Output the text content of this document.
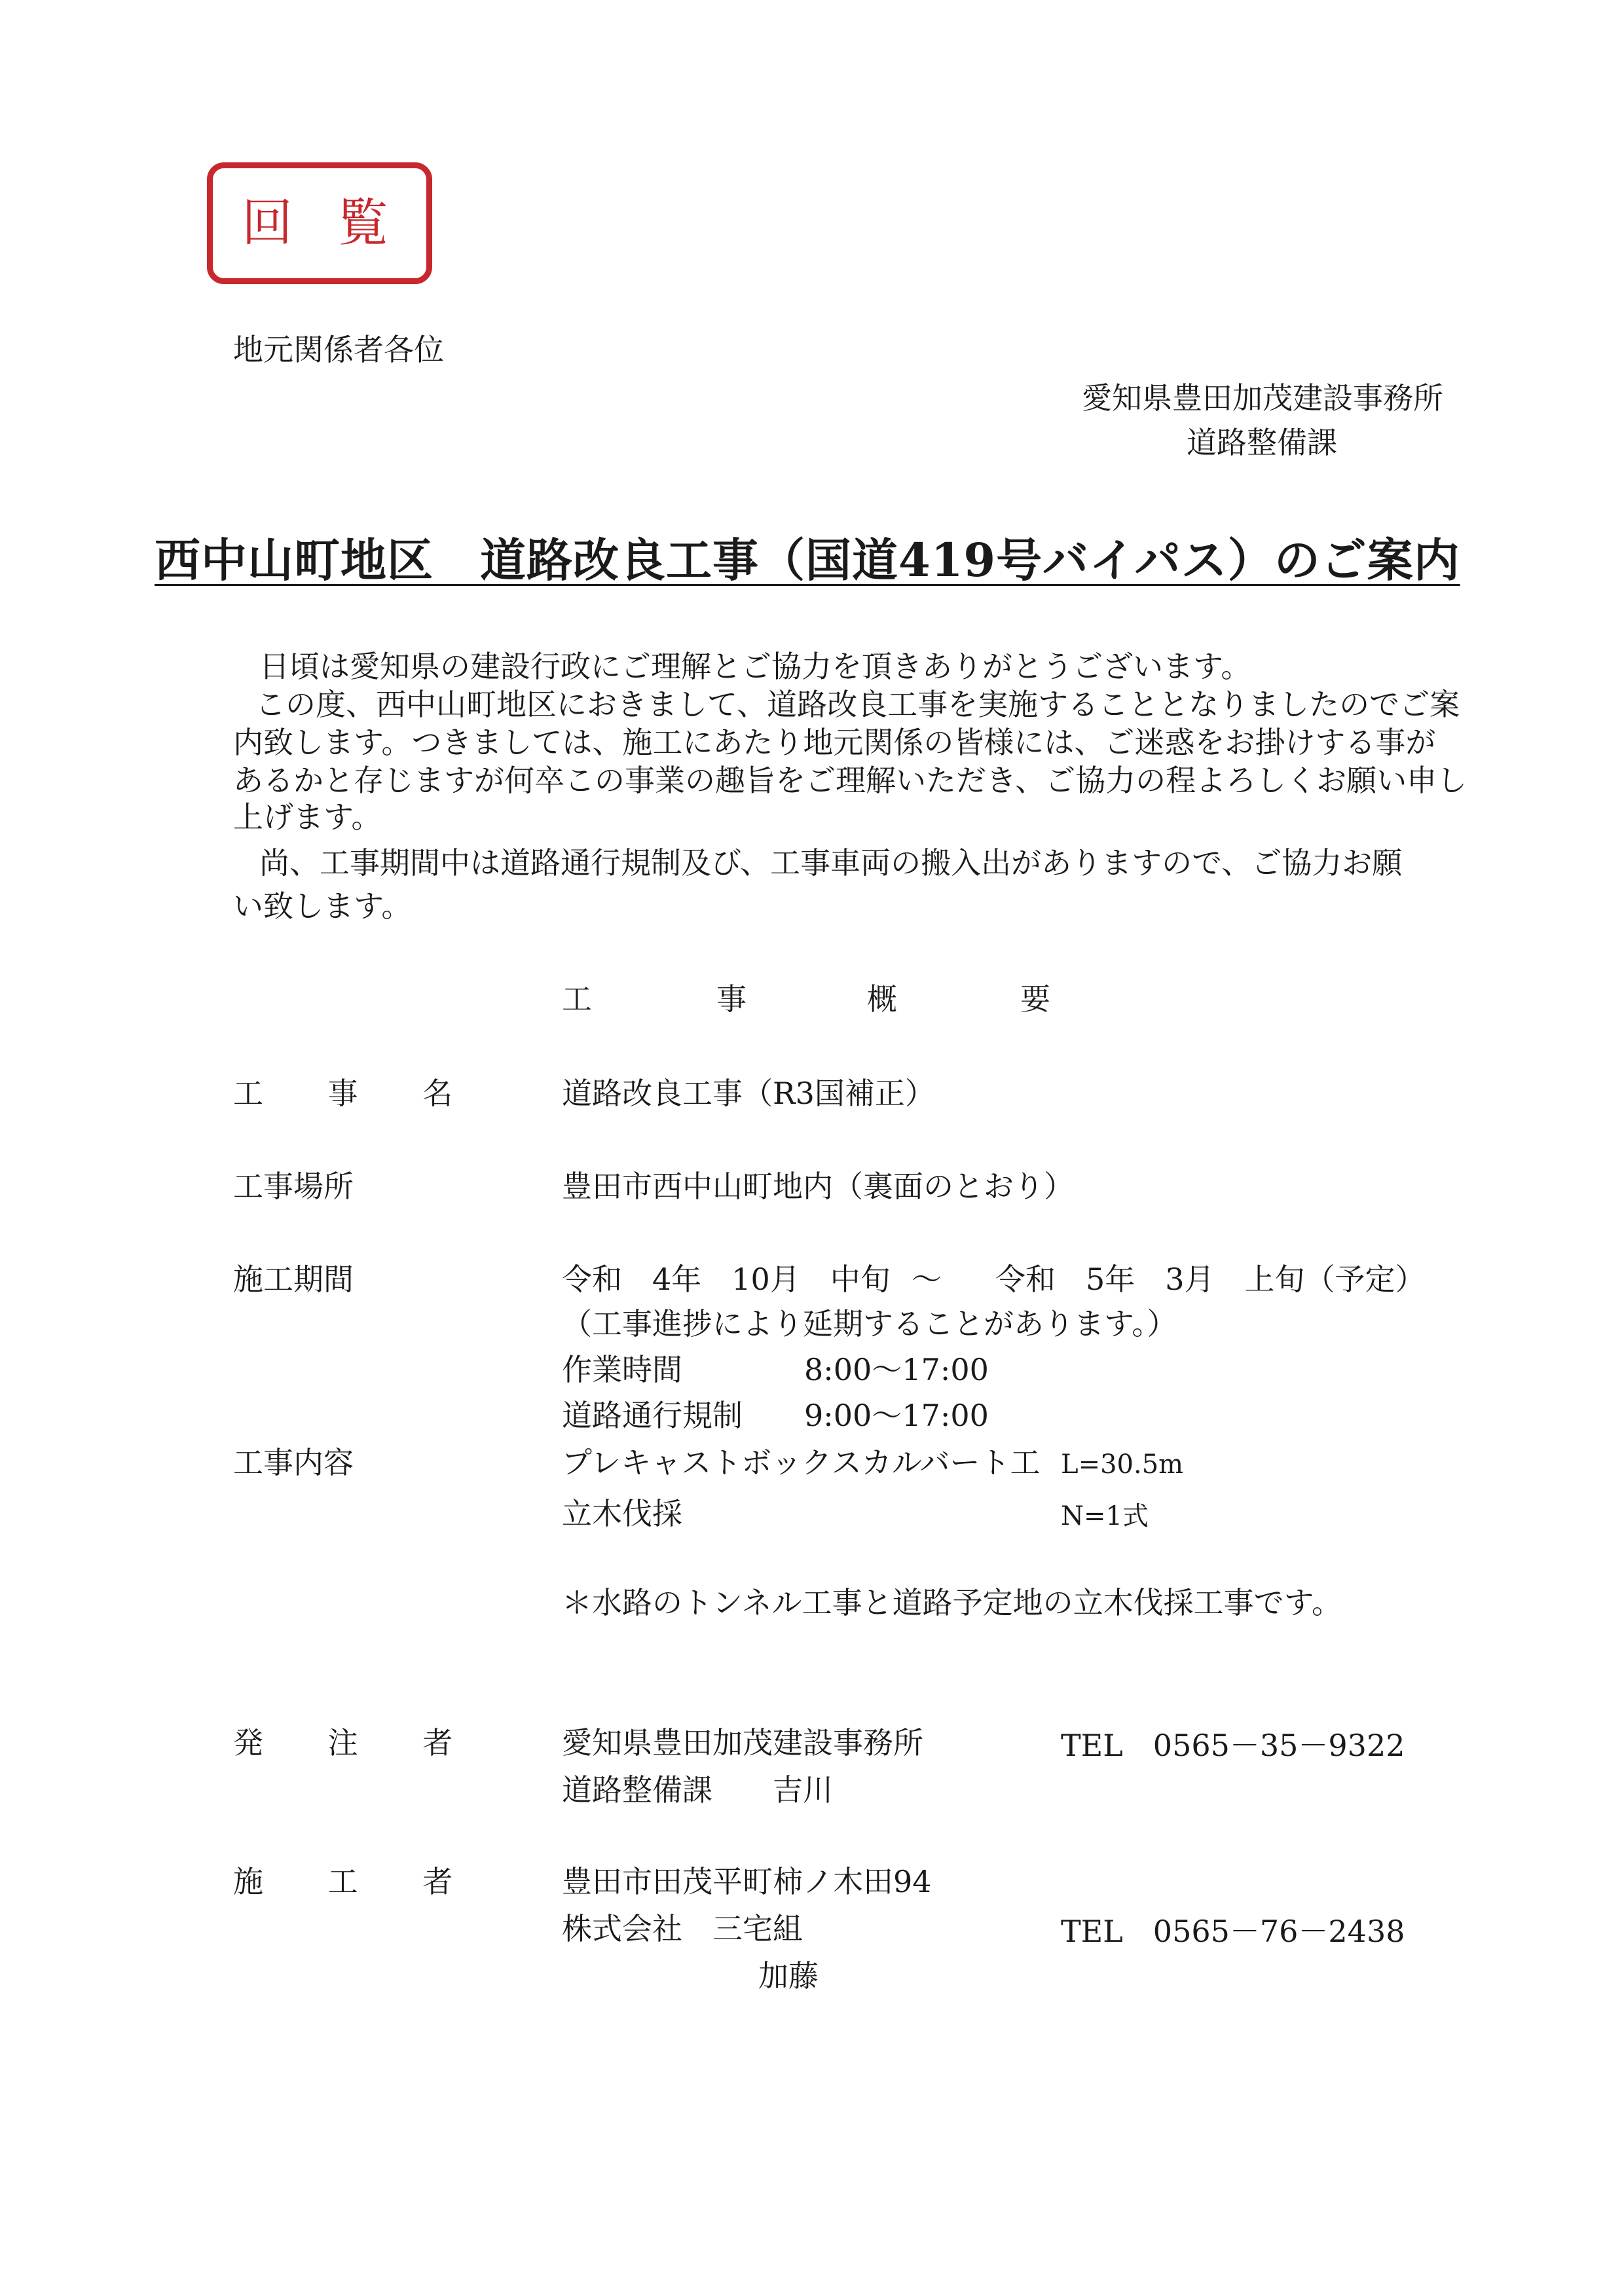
回 覧
地元関係者各位
愛知県豊田加茂建設事務所
道路整備課
西中山町地区　道路改良工事（国道419号バイパス）のご案内
日頃は愛知県の建設行政にご理解とご協力を頂きありがとうございます。
この度、西中山町地区におきまして、道路改良工事を実施することとなりましたのでご案
内致します。つきましては、施工にあたり地元関係の皆様には、ご迷惑をお掛けする事が
あるかと存じますが何卒この事業の趣旨をご理解いただき、ご協力の程よろしくお願い申し
上げます。
尚、工事期間中は道路通行規制及び、工事車両の搬入出がありますので、ご協力お願
い致します。
工	事	概	要
工 事 名	道路改良工事（R3国補正）
工事場所	豊田市西中山町地内（裏面のとおり）
施工期間	令和　4年　10月　中旬 ～ 令和　5年　3月　上旬（予定）
（工事進捗により延期することがあります。）
作業時間	8:00～17:00
道路通行規制 9:00～17:00
工事内容	プレキャストボックスカルバート工 L=30.5m
立木伐採	N=1式
＊水路のトンネル工事と道路予定地の立木伐採工事です。
発 注 者	愛知県豊田加茂建設事務所	TEL　0565－35－9322
道路整備課　　吉川
施 工 者	豊田市田茂平町柿ノ木田94
株式会社　三宅組	TEL　0565－76－2438
加藤
